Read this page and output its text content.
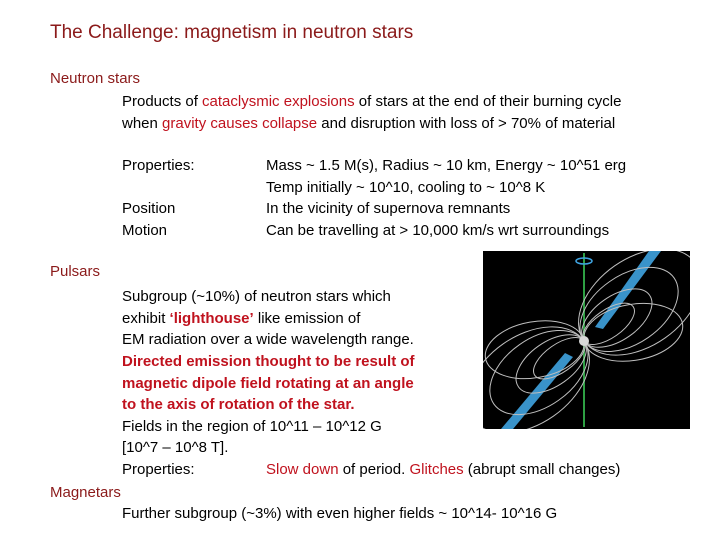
The Challenge: magnetism in neutron stars
Neutron stars
Products of cataclysmic explosions of stars at the end of their burning cycle
when gravity causes collapse and disruption with loss of > 70% of material
Properties:	Mass ~ 1.5 M(s), Radius ~ 10 km, Energy ~ 10^51 erg
Temp initially ~ 10^10, cooling to ~ 10^8 K
Position	In the vicinity of supernova remnants
Motion	Can be travelling at > 10,000 km/s wrt surroundings
Pulsars
Subgroup (~10%) of neutron stars which
exhibit ‘lighthouse’ like emission of
EM radiation over a wide wavelength range.
Directed emission thought to be result of
magnetic dipole field rotating at an angle
to the axis of rotation of the star.
Fields in the region of 10^11 – 10^12 G
[10^7 – 10^8 T].
Properties:	Slow down of period. Glitches (abrupt small changes)
Magnetars
Further subgroup (~3%) with even higher fields ~ 10^14- 10^16 G
